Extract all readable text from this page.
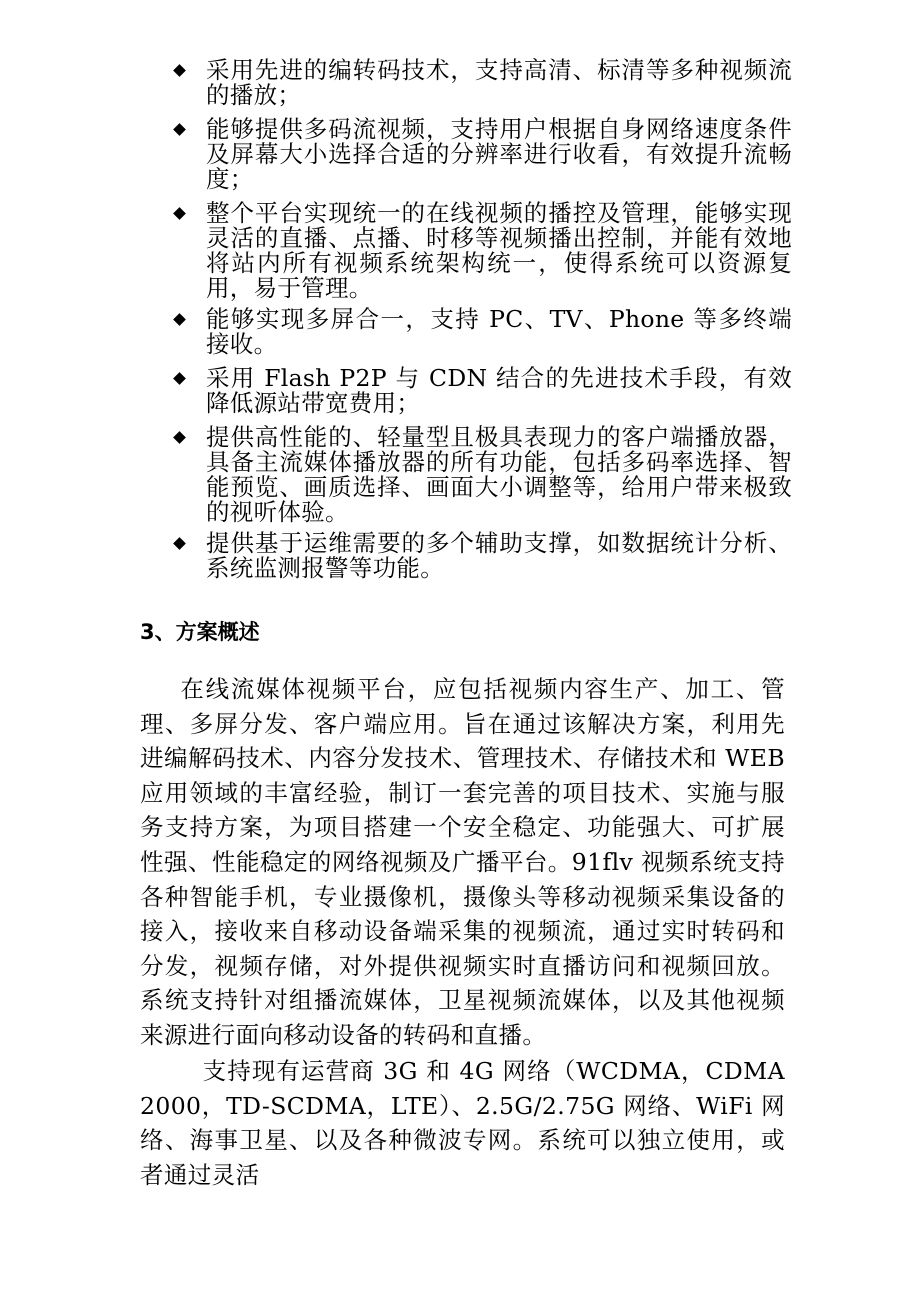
采用先进的编转码技术，支持高清、标清等多种视频流的播放；
能够提供多码流视频，支持用户根据自身网络速度条件及屏幕大小选择合适的分辨率进行收看，有效提升流畅度；
整个平台实现统一的在线视频的播控及管理，能够实现灵活的直播、点播、时移等视频播出控制，并能有效地将站内所有视频系统架构统一，使得系统可以资源复用，易于管理。
能够实现多屏合一，支持 PC、TV、Phone 等多终端接收。
采用 Flash P2P 与 CDN 结合的先进技术手段，有效降低源站带宽费用；
提供高性能的、轻量型且极具表现力的客户端播放器，具备主流媒体播放器的所有功能，包括多码率选择、智能预览、画质选择、画面大小调整等，给用户带来极致的视听体验。
提供基于运维需要的多个辅助支撑，如数据统计分析、系统监测报警等功能。
3、方案概述

在线流媒体视频平台，应包括视频内容生产、加工、管理、多屏分发、客户端应用。旨在通过该解决方案，利用先进编解码技术、内容分发技术、管理技术、存储技术和 WEB 应用领域的丰富经验，制订一套完善的项目技术、实施与服务支持方案，为项目搭建一个安全稳定、功能强大、可扩展性强、性能稳定的网络视频及广播平台。91flv 视频系统支持各种智能手机，专业摄像机，摄像头等移动视频采集设备的接入，接收来自移动设备端采集的视频流，通过实时转码和分发，视频存储，对外提供视频实时直播访问和视频回放。系统支持针对组播流媒体，卫星视频流媒体，以及其他视频来源进行面向移动设备的转码和直播。

支持现有运营商 3G 和 4G 网络（WCDMA，CDMA 2000，TD-SCDMA，LTE）、2.5G/2.75G 网络、WiFi 网络、海事卫星、以及各种微波专网。系统可以独立使用，或者通过灵活
